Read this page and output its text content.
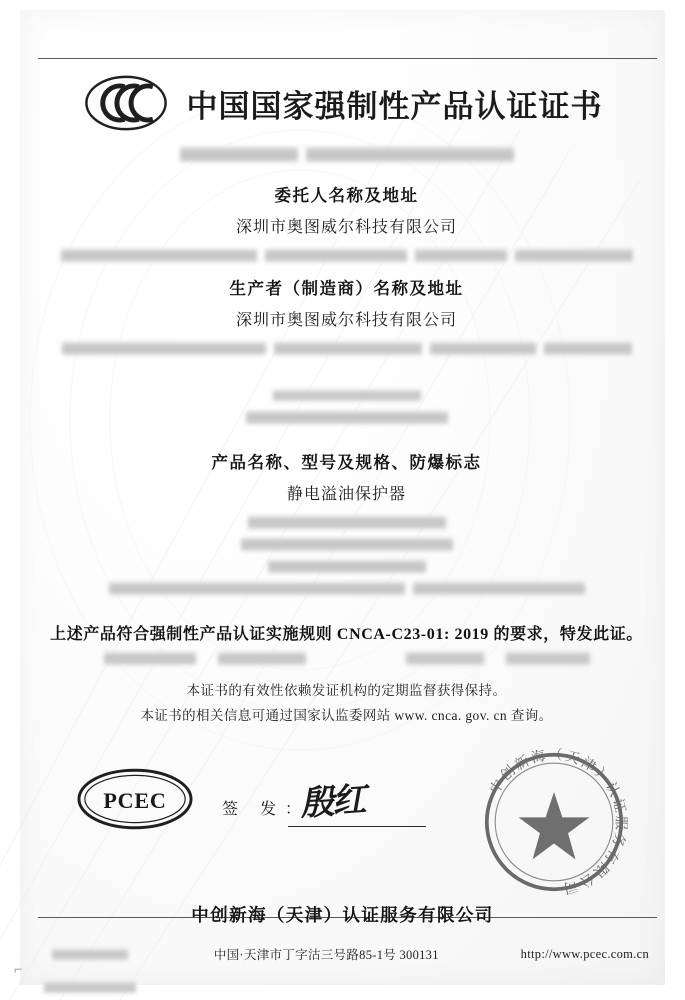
中国国家强制性产品认证证书
委托人名称及地址
深圳市奥图威尔科技有限公司
生产者（制造商）名称及地址
深圳市奥图威尔科技有限公司
产品名称、型号及规格、防爆标志
静电溢油保护器
上述产品符合强制性产品认证实施规则 CNCA-C23-01: 2019 的要求，特发此证。
本证书的有效性依赖发证机构的定期监督获得保持。
本证书的相关信息可通过国家认监委网站 www. cnca. gov. cn 查询。
PCEC	签 发：
殷红	中创新海（天津）认证服务有限公司
中创新海（天津）认证服务有限公司
中国·天津市丁字沽三号路85-1号 300131	http://www.pcec.com.cn
⌐
